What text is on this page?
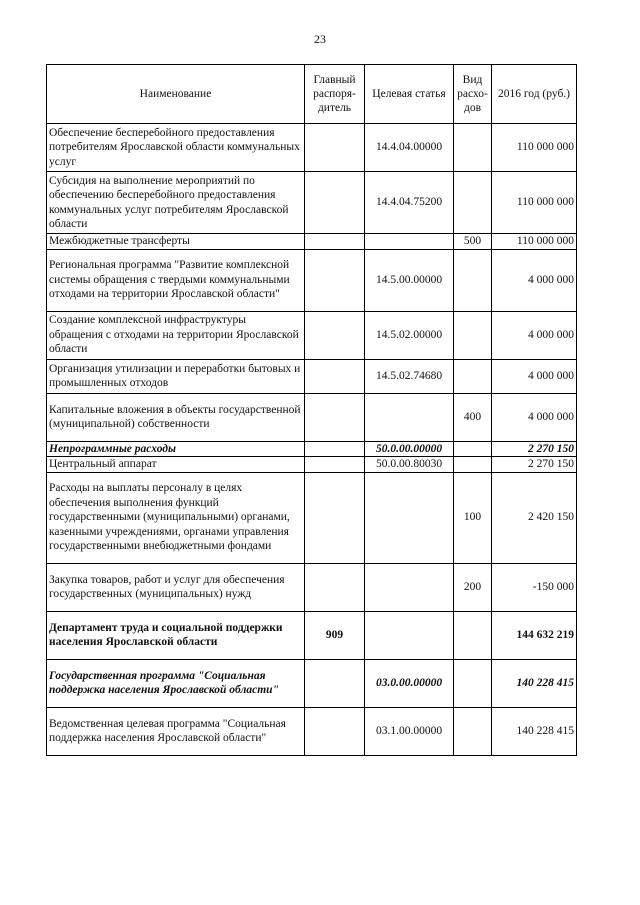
23
Наименование	Главный распоря-дитель	Целевая статья	Вид расхо-дов	2016 год (руб.)
Обеспечение бесперебойного предоставления потребителям Ярославской области коммунальных услуг		14.4.04.00000		110 000 000
Субсидия на выполнение мероприятий по обеспечению бесперебойного предоставления коммунальных услуг потребителям Ярославской области		14.4.04.75200		110 000 000
Межбюджетные трансферты			500	110 000 000
Региональная программа "Развитие комплексной системы обращения с твердыми коммунальными отходами на территории Ярославской области"		14.5.00.00000		4 000 000
Создание комплексной инфраструктуры обращения с отходами на территории Ярославской области		14.5.02.00000		4 000 000
Организация утилизации и переработки бытовых и промышленных отходов		14.5.02.74680		4 000 000
Капитальные вложения в объекты государственной (муниципальной) собственности			400	4 000 000
Непрограммные расходы		50.0.00.00000		2 270 150
Центральный аппарат		50.0.00.80030		2 270 150
Расходы на выплаты персоналу в целях обеспечения выполнения функций государственными (муниципальными) органами, казенными учреждениями, органами управления государственными внебюджетными фондами			100	2 420 150
Закупка товаров, работ и услуг для обеспечения государственных (муниципальных) нужд			200	-150 000
Департамент труда и социальной поддержки населения Ярославской области	909			144 632 219
Государственная программа "Социальная поддержка населения Ярославской области"		03.0.00.00000		140 228 415
Ведомственная целевая программа "Социальная поддержка населения Ярославской области"		03.1.00.00000		140 228 415
